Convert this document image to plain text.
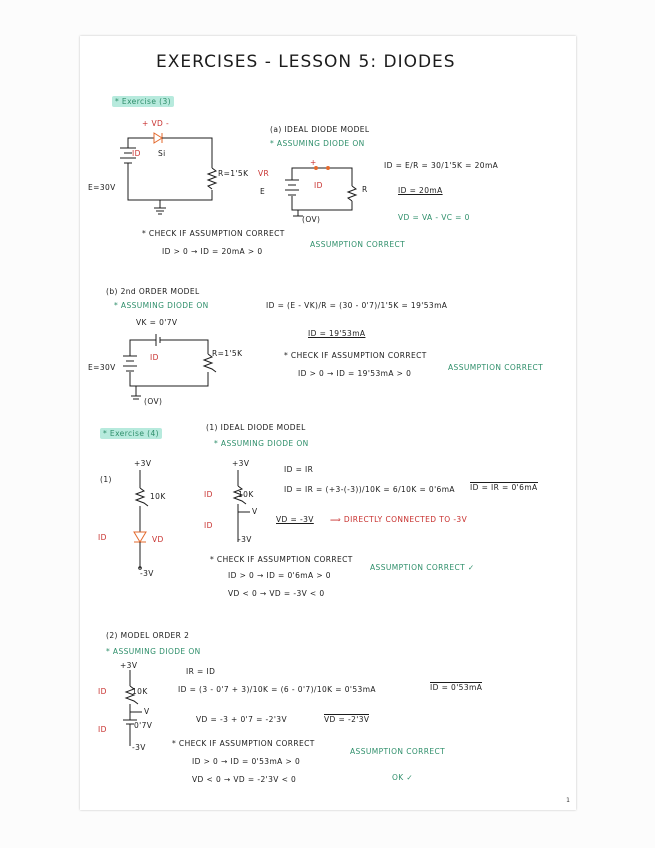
EXERCISES - LESSON 5: DIODES
* Exercise (3)
+ VD -
ID Si
R=1'5K VR
E=30V
(a) IDEAL DIODE MODEL
* ASSUMING DIODE ON
+
ID	R
E
(OV)
ID = E/R = 30/1'5K = 20mA
ID = 20mA
VD = VA - VC = 0
* CHECK IF ASSUMPTION CORRECT
ID > 0 → ID = 20mA > 0
ASSUMPTION CORRECT
(b) 2nd ORDER MODEL
* ASSUMING DIODE ON
VK = 0'7V
ID	R=1'5K
E=30V
(OV)
ID = (E - VK)/R = (30 - 0'7)/1'5K = 19'53mA
ID = 19'53mA
* CHECK IF ASSUMPTION CORRECT
ID > 0 → ID = 19'53mA > 0
ASSUMPTION CORRECT
* Exercise (4)
(1) IDEAL DIODE MODEL
* ASSUMING DIODE ON
(1)
+3V
10K
ID	VD
-3V
+3V
10K
ID
V
ID
-3V
ID = IR
ID = IR = (+3-(-3))/10K = 6/10K = 0'6mA ID = IR = 0'6mA
VD = -3V ⟹ DIRECTLY CONNECTED TO -3V
* CHECK IF ASSUMPTION CORRECT
ID > 0 → ID = 0'6mA > 0
VD < 0 → VD = -3V < 0
ASSUMPTION CORRECT ✓
(2) MODEL ORDER 2
* ASSUMING DIODE ON
+3V
10K
ID
V
0'7V
ID
-3V
IR = ID
ID = (3 - 0'7 + 3)/10K = (6 - 0'7)/10K = 0'53mA	ID = 0'53mA
VD = -3 + 0'7 = -2'3V	VD = -2'3V
* CHECK IF ASSUMPTION CORRECT
ID > 0 → ID = 0'53mA > 0
VD < 0 → VD = -2'3V < 0
ASSUMPTION CORRECT
OK ✓
1
